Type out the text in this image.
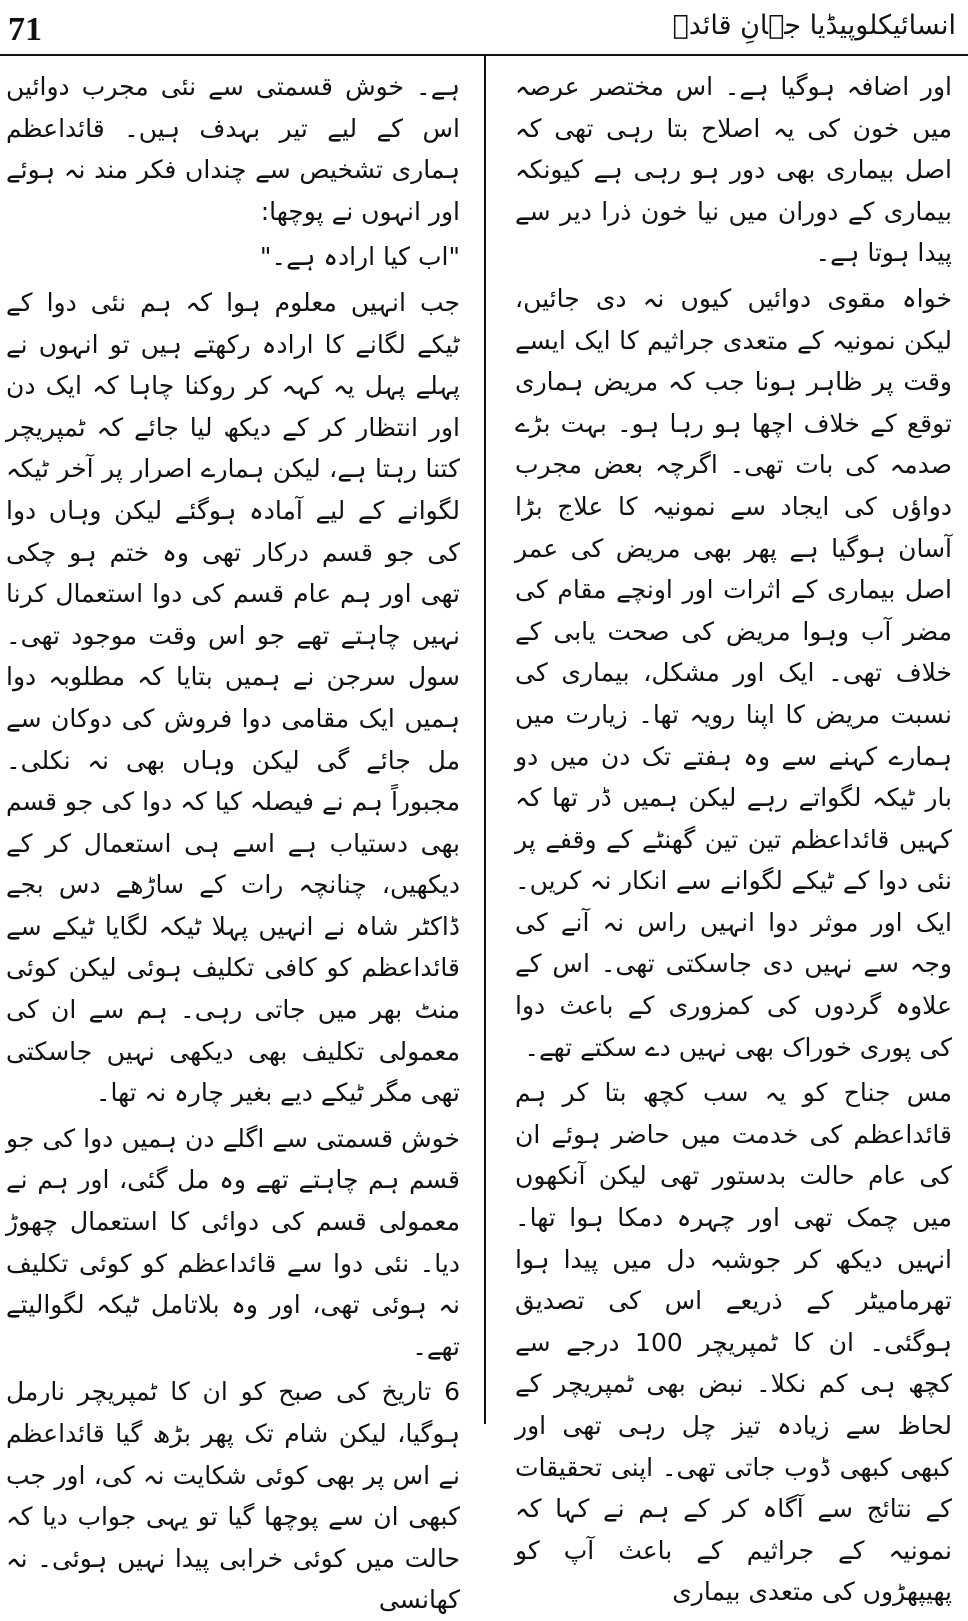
71	انسائیکلوپیڈیا جہانِ قائدؒ

اور اضافہ ہوگیا ہے۔ اس مختصر عرصہ میں خون کی یہ اصلاح بتا رہی تھی کہ اصل بیماری بھی دور ہو رہی ہے کیونکہ بیماری کے دوران میں نیا خون ذرا دیر سے پیدا ہوتا ہے۔

خواہ مقوی دوائیں کیوں نہ دی جائیں، لیکن نمونیہ کے متعدی جراثیم کا ایک ایسے وقت پر ظاہر ہونا جب کہ مریض ہماری توقع کے خلاف اچھا ہو رہا ہو۔ بہت بڑے صدمہ کی بات تھی۔ اگرچہ بعض مجرب دواؤں کی ایجاد سے نمونیہ کا علاج بڑا آسان ہوگیا ہے پھر بھی مریض کی عمر اصل بیماری کے اثرات اور اونچے مقام کی مضر آب وہوا مریض کی صحت یابی کے خلاف تھی۔ ایک اور مشکل، بیماری کی نسبت مریض کا اپنا رویہ تھا۔ زیارت میں ہمارے کہنے سے وہ ہفتے تک دن میں دو بار ٹیکہ لگواتے رہے لیکن ہمیں ڈر تھا کہ کہیں قائداعظم تین تین گھنٹے کے وقفے پر نئی دوا کے ٹیکے لگوانے سے انکار نہ کریں۔ ایک اور موثر دوا انہیں راس نہ آنے کی وجہ سے نہیں دی جاسکتی تھی۔ اس کے علاوہ گردوں کی کمزوری کے باعث دوا کی پوری خوراک بھی نہیں دے سکتے تھے۔

مس جناح کو یہ سب کچھ بتا کر ہم قائداعظم کی خدمت میں حاضر ہوئے ان کی عام حالت بدستور تھی لیکن آنکھوں میں چمک تھی اور چہرہ دمکا ہوا تھا۔ انہیں دیکھ کر جوشبہ دل میں پیدا ہوا تھرمامیٹر کے ذریعے اس کی تصدیق ہوگئی۔ ان کا ٹمپریچر 100 درجے سے کچھ ہی کم نکلا۔ نبض بھی ٹمپریچر کے لحاظ سے زیادہ تیز چل رہی تھی اور کبھی کبھی ڈوب جاتی تھی۔ اپنی تحقیقات کے نتائج سے آگاہ کر کے ہم نے کہا کہ نمونیہ کے جراثیم کے باعث آپ کو پھیپھڑوں کی متعدی بیماری

ہے۔ خوش قسمتی سے نئی مجرب دوائیں اس کے لیے تیر بہدف ہیں۔ قائداعظم ہماری تشخیص سے چنداں فکر مند نہ ہوئے اور انہوں نے پوچھا:

"اب کیا ارادہ ہے۔"

جب انہیں معلوم ہوا کہ ہم نئی دوا کے ٹیکے لگانے کا ارادہ رکھتے ہیں تو انہوں نے پہلے پہل یہ کہہ کر روکنا چاہا کہ ایک دن اور انتظار کر کے دیکھ لیا جائے کہ ٹمپریچر کتنا رہتا ہے، لیکن ہمارے اصرار پر آخر ٹیکہ لگوانے کے لیے آمادہ ہوگئے لیکن وہاں دوا کی جو قسم درکار تھی وہ ختم ہو چکی تھی اور ہم عام قسم کی دوا استعمال کرنا نہیں چاہتے تھے جو اس وقت موجود تھی۔ سول سرجن نے ہمیں بتایا کہ مطلوبہ دوا ہمیں ایک مقامی دوا فروش کی دوکان سے مل جائے گی لیکن وہاں بھی نہ نکلی۔ مجبوراً ہم نے فیصلہ کیا کہ دوا کی جو قسم بھی دستیاب ہے اسے ہی استعمال کر کے دیکھیں، چنانچہ رات کے ساڑھے دس بجے ڈاکٹر شاہ نے انہیں پہلا ٹیکہ لگایا ٹیکے سے قائداعظم کو کافی تکلیف ہوئی لیکن کوئی منٹ بھر میں جاتی رہی۔ ہم سے ان کی معمولی تکلیف بھی دیکھی نہیں جاسکتی تھی مگر ٹیکے دیے بغیر چارہ نہ تھا۔

خوش قسمتی سے اگلے دن ہمیں دوا کی جو قسم ہم چاہتے تھے وہ مل گئی، اور ہم نے معمولی قسم کی دوائی کا استعمال چھوڑ دیا۔ نئی دوا سے قائداعظم کو کوئی تکلیف نہ ہوئی تھی، اور وہ بلاتامل ٹیکہ لگوالیتے تھے۔

6 تاریخ کی صبح کو ان کا ٹمپریچر نارمل ہوگیا، لیکن شام تک پھر بڑھ گیا قائداعظم نے اس پر بھی کوئی شکایت نہ کی، اور جب کبھی ان سے پوچھا گیا تو یہی جواب دیا کہ حالت میں کوئی خرابی پیدا نہیں ہوئی۔ نہ کھانسی
